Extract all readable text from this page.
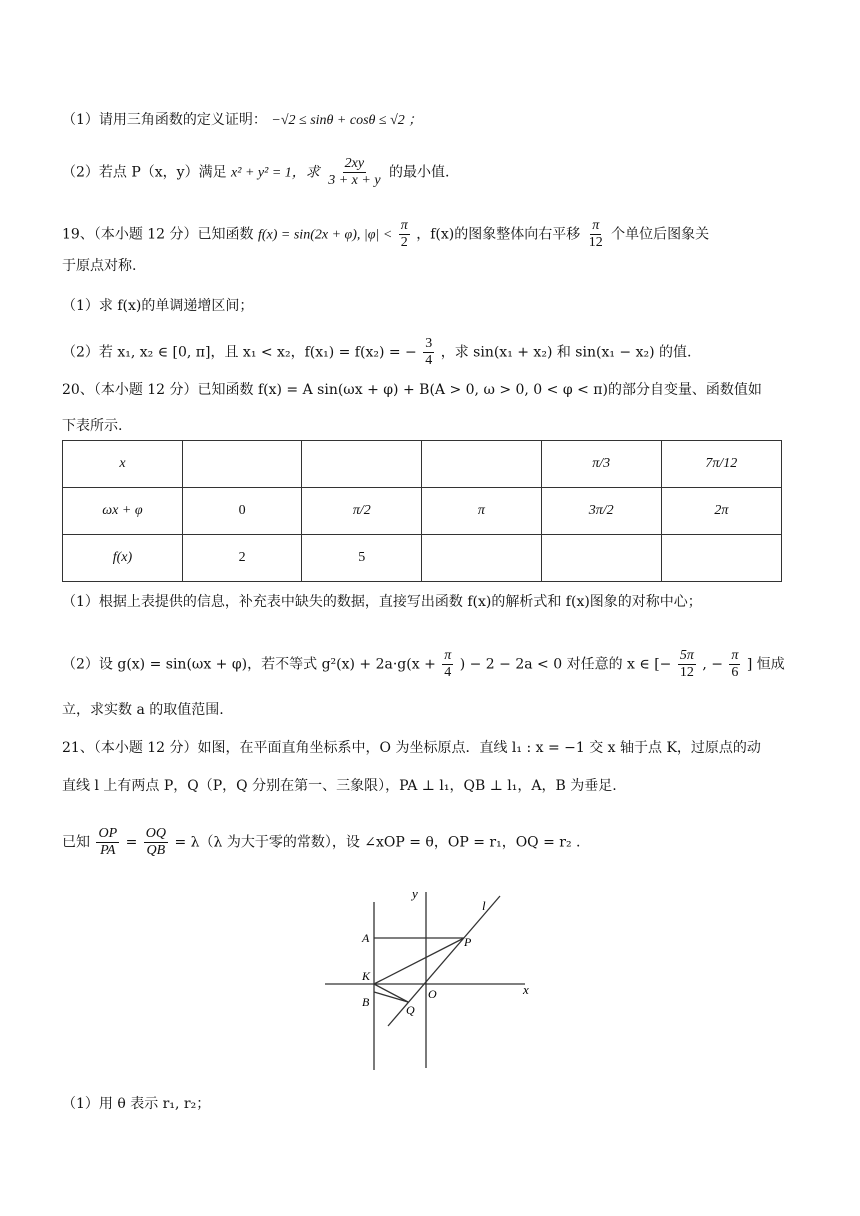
（1）请用三角函数的定义证明： −√2 ≤ sinθ + cosθ ≤ √2 ；
（2）若点 P（x，y）满足 x² + y² = 1，求 $\frac{2xy}{3 + x + y}$ 的最小值.
19、（本小题 12 分）已知函数 f(x) = sin(2x + φ), $|\varphi| < \frac{\pi}{2}$ ，f(x)的图象整体向右平移 $\frac{\pi}{12}$ 个单位后图象关
于原点对称.
（1）求 f(x)的单调递增区间；
（2）若 x₁, x₂ ∈ [0, π]，且 x₁ < x₂，f(x₁) = f(x₂) = − $\frac{3}{4}$ ，求 sin(x₁ + x₂) 和 sin(x₁ − x₂) 的值.
20、（本小题 12 分）已知函数 f(x) = A sin(ωx + φ) + B(A > 0, ω > 0, 0 < φ < π)的部分自变量、函数值如
下表所示.
x				π/3	7π/12
ωx + φ	0	π/2	π	3π/2	2π
f(x)	2	5			
（1）根据上表提供的信息，补充表中缺失的数据，直接写出函数 f(x)的解析式和 f(x)图象的对称中心；
（2）设 g(x) = sin(ωx + φ)，若不等式 $g^2(x) + 2a\cdot g(x + \frac{\pi}{4}$ ) − 2 − 2a < 0 对任意的 x ∈ [− $\frac{5\pi}{12}$ , − $\frac{\pi}{6}$ ] 恒成
立，求实数 a 的取值范围.
21、（本小题 12 分）如图，在平面直角坐标系中，O 为坐标原点．直线 l₁ : x = −1 交 x 轴于点 K，过原点的动
直线 l 上有两点 P，Q（P，Q 分别在第一、三象限），PA ⊥ l₁，QB ⊥ l₁，A，B 为垂足.
已知 $\frac{OP}{PA} = \frac{OQ}{QB} = \lambda(\lambda$ 为大于零的常数），设 ∠xOP = θ，OP = r₁，OQ = r₂ .
y
l
A	P
K
O	x
B
Q
（1）用 θ 表示 r₁, r₂；
